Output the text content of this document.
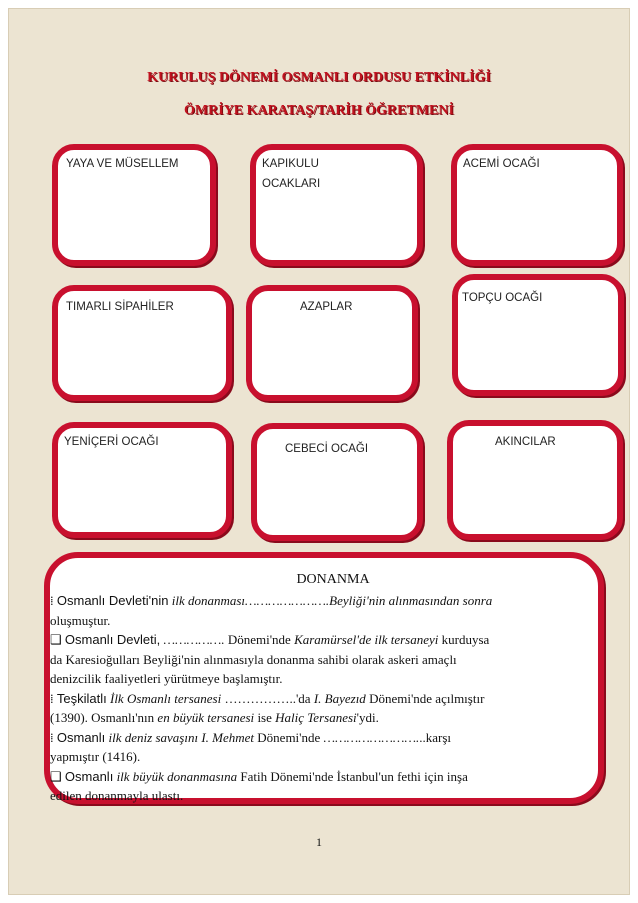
KURULUŞ DÖNEMİ OSMANLI ORDUSU ETKİNLİĞİ
ÖMRİYE KARATAŞ/TARİH ÖĞRETMENİ
YAYA VE MÜSELLEM	KAPIKULU
OCAKLARI
ACEMİ OCAĞI
TIMARLI SİPAHİLER	AZAPLAR
TOPÇU OCAĞI
YENİÇERİ OCAĞI
CEBECİ OCAĞI
AKINCILAR
DONANMA

⁞ Osmanlı Devleti'nin ilk donanması………………….Beyliği'nin alınmasından sonra

oluşmuştur.

❑ Osmanlı Devleti, ……………. Dönemi'nde Karamürsel'de ilk tersaneyi kurduysa

da Karesioğulları Beyliği'nin alınmasıyla donanma sahibi olarak askeri amaçlı

denizcilik faaliyetleri yürütmeye başlamıştır.

⁞ Teşkilatlı İlk Osmanlı tersanesi ……………..'da I. Bayezıd Dönemi'nde açılmıştır

(1390). Osmanlı'nın en büyük tersanesi ise Haliç Tersanesi'ydi.

⁞ Osmanlı ilk deniz savaşını I. Mehmet Dönemi'nde ……………………...karşı

yapmıştır (1416).

❑ Osmanlı ilk büyük donanmasına Fatih Dönemi'nde İstanbul'un fethi için inşa

edilen donanmayla ulastı.

1
